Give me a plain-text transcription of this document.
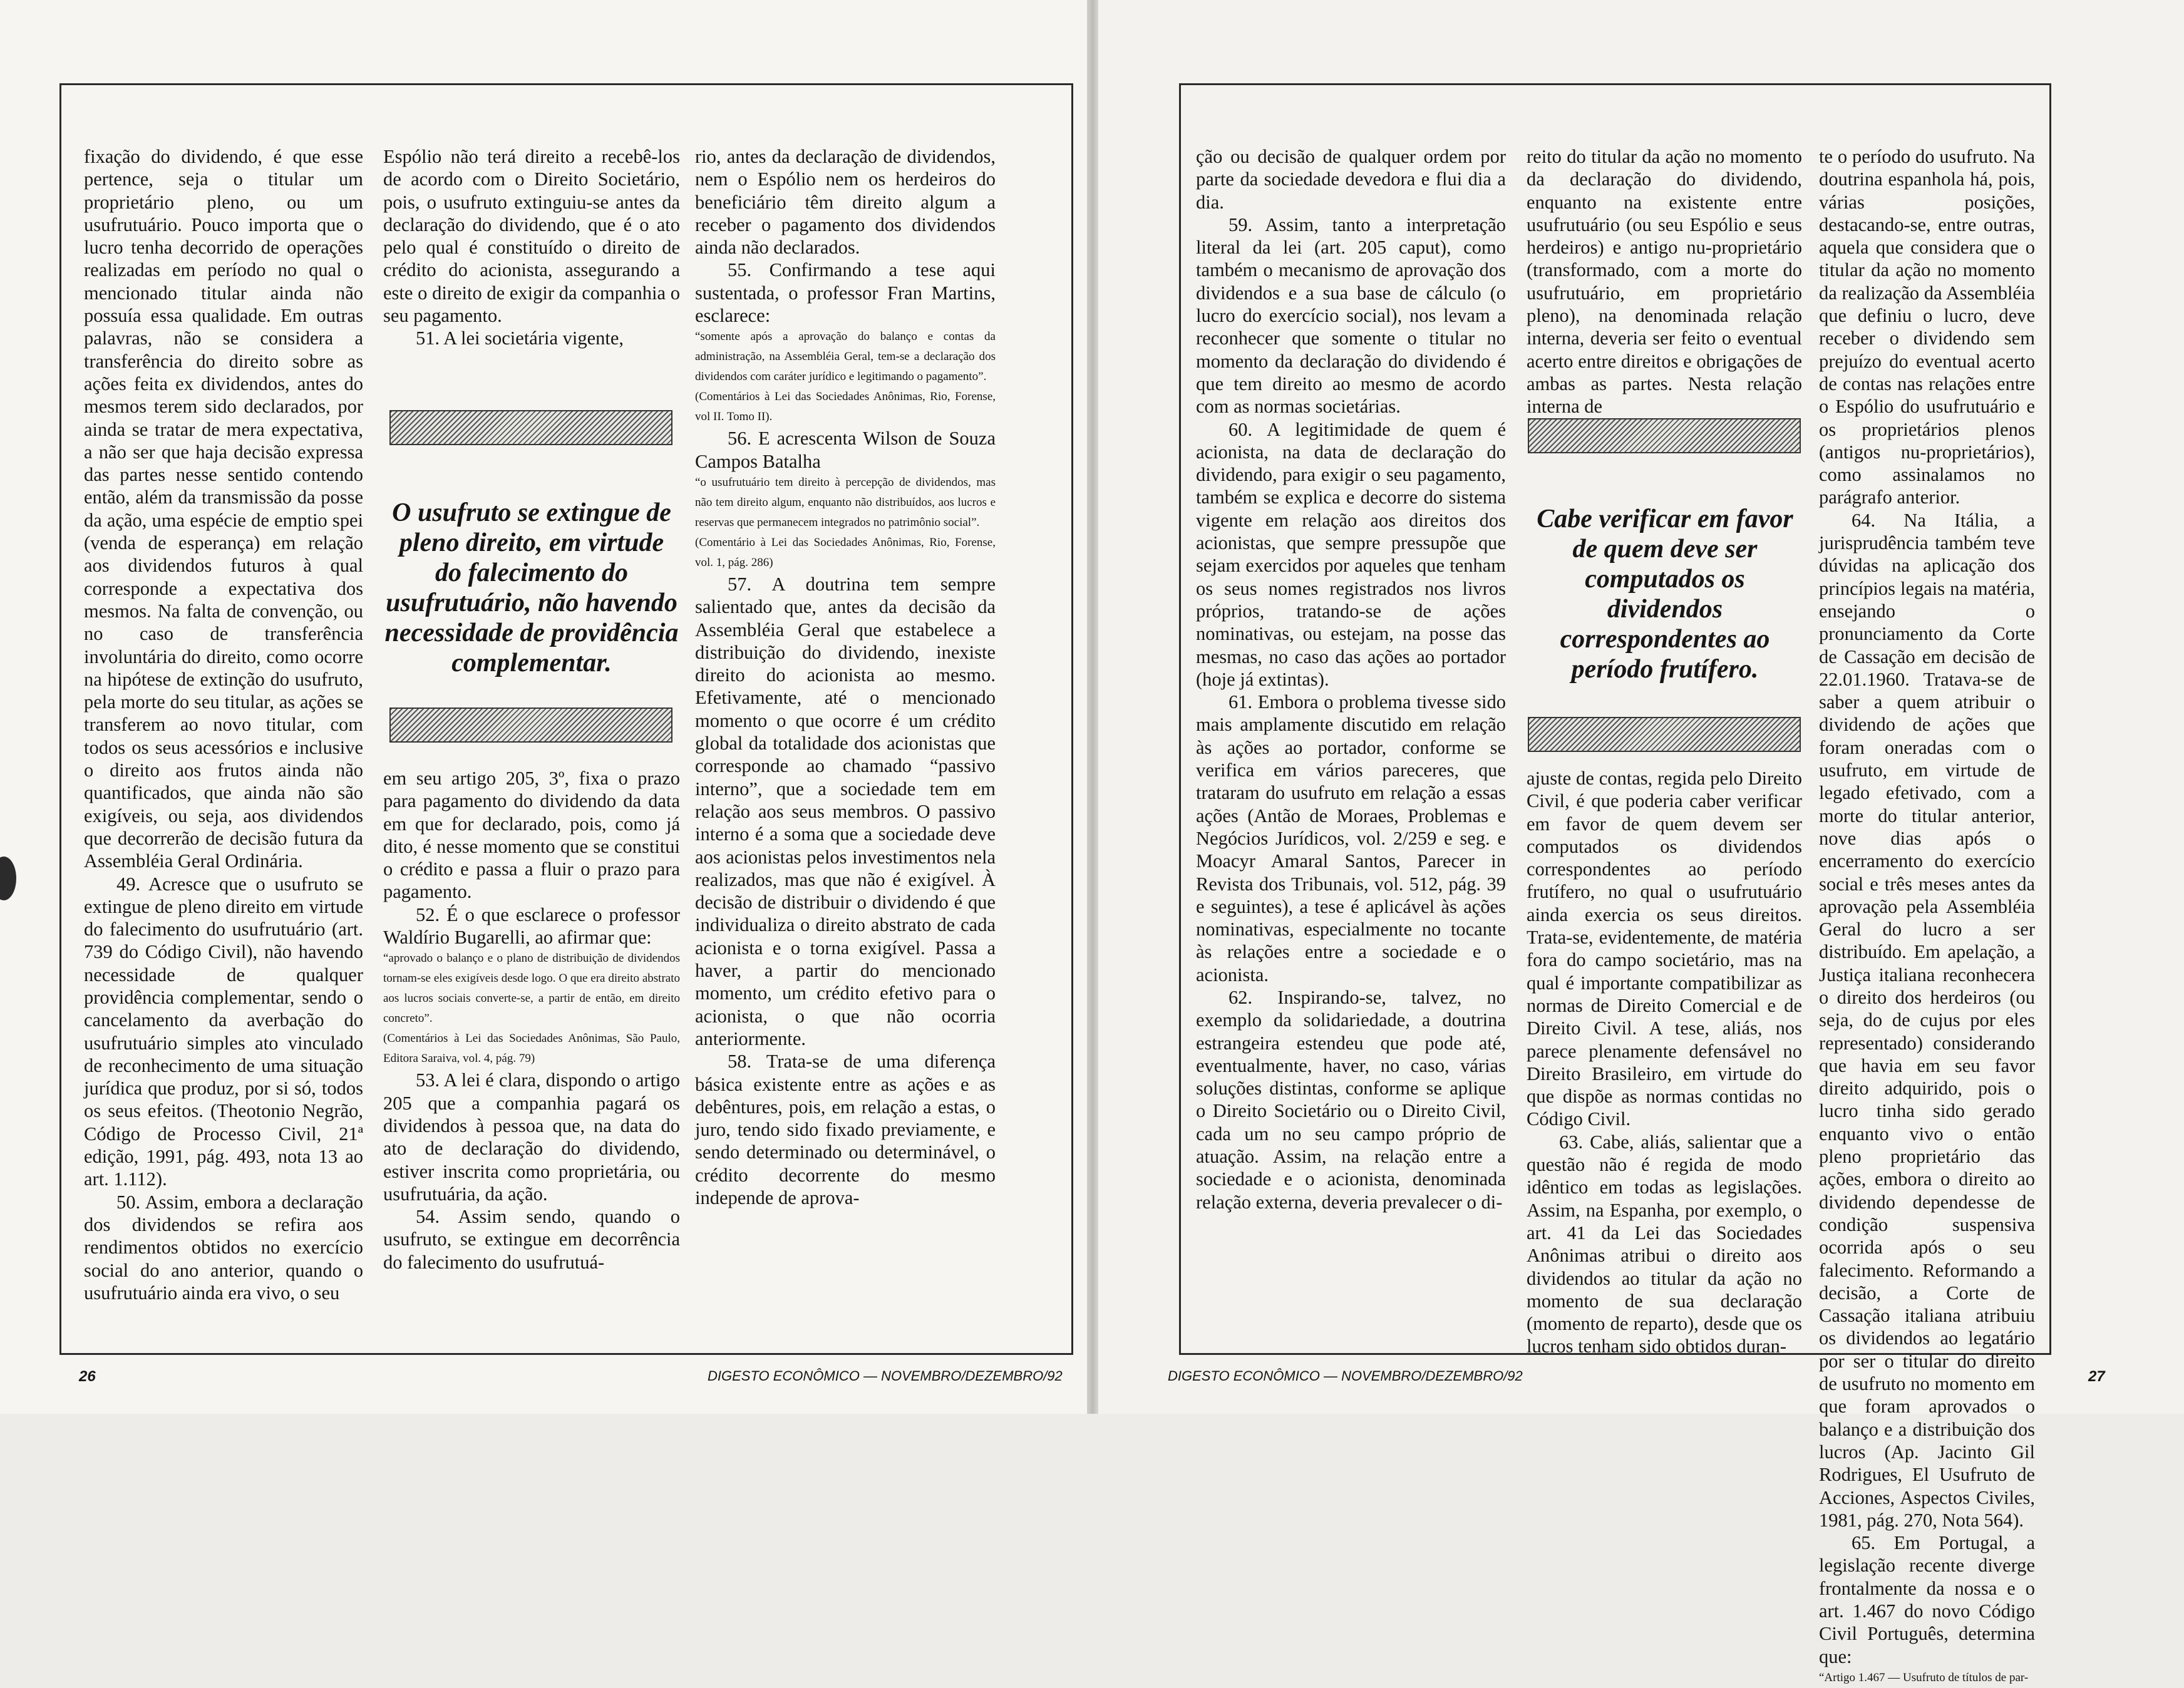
fixação do dividendo, é que esse pertence, seja o titular um proprietário pleno, ou um usufrutuário. Pouco importa que o lucro tenha decorrido de operações realizadas em período no qual o mencionado titular ainda não possuía essa qualidade. Em outras palavras, não se considera a transferência do direito sobre as ações feita ex dividendos, antes do mesmos terem sido declarados, por ainda se tratar de mera expectativa, a não ser que haja decisão expressa das partes nesse sentido contendo então, além da transmissão da posse da ação, uma espécie de emptio spei (venda de esperança) em relação aos dividendos futuros à qual corresponde a expectativa dos mesmos. Na falta de convenção, ou no caso de transferência involuntária do direito, como ocorre na hipótese de extinção do usufruto, pela morte do seu titular, as ações se transferem ao novo titular, com todos os seus acessórios e inclusive o direito aos frutos ainda não quantificados, que ainda não são exigíveis, ou seja, aos dividendos que decorrerão de decisão futura da Assembléia Geral Ordinária.

49. Acresce que o usufruto se extingue de pleno direito em virtude do falecimento do usufrutuário (art. 739 do Código Civil), não havendo necessidade de qualquer providência complementar, sendo o cancelamento da averbação do usufrutuário simples ato vinculado de reconhecimento de uma situação jurídica que produz, por si só, todos os seus efeitos. (Theotonio Negrão, Código de Processo Civil, 21ª edição, 1991, pág. 493, nota 13 ao art. 1.112).

50. Assim, embora a declaração dos dividendos se refira aos rendimentos obtidos no exercício social do ano anterior, quando o usufrutuário ainda era vivo, o seu

Espólio não terá direito a recebê-los de acordo com o Direito Societário, pois, o usufruto extinguiu-se antes da declaração do dividendo, que é o ato pelo qual é constituído o direito de crédito do acionista, assegurando a este o direito de exigir da companhia o seu pagamento.

51. A lei societária vigente,

O usufruto se extingue de pleno direito, em virtude do falecimento do usufrutuário, não havendo necessidade de providência complementar.

em seu artigo 205, 3º, fixa o prazo para pagamento do dividendo da data em que for declarado, pois, como já dito, é nesse momento que se constitui o crédito e passa a fluir o prazo para pagamento.

52. É o que esclarece o professor Waldírio Bugarelli, ao afirmar que:

“aprovado o balanço e o plano de distribuição de dividendos tornam-se eles exigíveis desde logo. O que era direito abstrato aos lucros sociais converte-se, a partir de então, em direito concreto”.

(Comentários à Lei das Sociedades Anônimas, São Paulo, Editora Saraiva, vol. 4, pág. 79)

53. A lei é clara, dispondo o artigo 205 que a companhia pagará os dividendos à pessoa que, na data do ato de declaração do dividendo, estiver inscrita como proprietária, ou usufrutuária, da ação.

54. Assim sendo, quando o usufruto, se extingue em decorrência do falecimento do usufrutuá-

rio, antes da declaração de dividendos, nem o Espólio nem os herdeiros do beneficiário têm direito algum a receber o pagamento dos dividendos ainda não declarados.

55. Confirmando a tese aqui sustentada, o professor Fran Martins, esclarece:

“somente após a aprovação do balanço e contas da administração, na Assembléia Geral, tem-se a declaração dos dividendos com caráter jurídico e legitimando o pagamento”.

(Comentários à Lei das Sociedades Anônimas, Rio, Forense, vol II. Tomo II).

56. E acrescenta Wilson de Souza Campos Batalha

“o usufrutuário tem direito à percepção de dividendos, mas não tem direito algum, enquanto não distribuídos, aos lucros e reservas que permanecem integrados no patrimônio social”.

(Comentário à Lei das Sociedades Anônimas, Rio, Forense, vol. 1, pág. 286)

57. A doutrina tem sempre salientado que, antes da decisão da Assembléia Geral que estabelece a distribuição do dividendo, inexiste direito do acionista ao mesmo. Efetivamente, até o mencionado momento o que ocorre é um crédito global da totalidade dos acionistas que corresponde ao chamado “passivo interno”, que a sociedade tem em relação aos seus membros. O passivo interno é a soma que a sociedade deve aos acionistas pelos investimentos nela realizados, mas que não é exigível. À decisão de distribuir o dividendo é que individualiza o direito abstrato de cada acionista e o torna exigível. Passa a haver, a partir do mencionado momento, um crédito efetivo para o acionista, o que não ocorria anteriormente.

58. Trata-se de uma diferença básica existente entre as ações e as debêntures, pois, em relação a estas, o juro, tendo sido fixado previamente, e sendo determinado ou determinável, o crédito decorrente do mesmo independe de aprova-

26	DIGESTO ECONÔMICO — NOVEMBRO/DEZEMBRO/92

ção ou decisão de qualquer ordem por parte da sociedade devedora e flui dia a dia.

59. Assim, tanto a interpretação literal da lei (art. 205 caput), como também o mecanismo de aprovação dos dividendos e a sua base de cálculo (o lucro do exercício social), nos levam a reconhecer que somente o titular no momento da declaração do dividendo é que tem direito ao mesmo de acordo com as normas societárias.

60. A legitimidade de quem é acionista, na data de declaração do dividendo, para exigir o seu pagamento, também se explica e decorre do sistema vigente em relação aos direitos dos acionistas, que sempre pressupõe que sejam exercidos por aqueles que tenham os seus nomes registrados nos livros próprios, tratando-se de ações nominativas, ou estejam, na posse das mesmas, no caso das ações ao portador (hoje já extintas).

61. Embora o problema tivesse sido mais amplamente discutido em relação às ações ao portador, conforme se verifica em vários pareceres, que trataram do usufruto em relação a essas ações (Antão de Moraes, Problemas e Negócios Jurídicos, vol. 2/259 e seg. e Moacyr Amaral Santos, Parecer in Revista dos Tribunais, vol. 512, pág. 39 e seguintes), a tese é aplicável às ações nominativas, especialmente no tocante às relações entre a sociedade e o acionista.

62. Inspirando-se, talvez, no exemplo da solidariedade, a doutrina estrangeira estendeu que pode até, eventualmente, haver, no caso, várias soluções distintas, conforme se aplique o Direito Societário ou o Direito Civil, cada um no seu campo próprio de atuação. Assim, na relação entre a sociedade e o acionista, denominada relação externa, deveria prevalecer o di-

reito do titular da ação no momento da declaração do dividendo, enquanto na existente entre usufrutuário (ou seu Espólio e seus herdeiros) e antigo nu-proprietário (transformado, com a morte do usufrutuário, em proprietário pleno), na denominada relação interna, deveria ser feito o eventual acerto entre direitos e obrigações de ambas as partes. Nesta relação interna de

Cabe verificar em favor de quem deve ser computados os dividendos correspondentes ao período frutífero.

ajuste de contas, regida pelo Direito Civil, é que poderia caber verificar em favor de quem devem ser computados os dividendos correspondentes ao período frutífero, no qual o usufrutuário ainda exercia os seus direitos. Trata-se, evidentemente, de matéria fora do campo societário, mas na qual é importante compatibilizar as normas de Direito Comercial e de Direito Civil. A tese, aliás, nos parece plenamente defensável no Direito Brasileiro, em virtude do que dispõe as normas contidas no Código Civil.

63. Cabe, aliás, salientar que a questão não é regida de modo idêntico em todas as legislações. Assim, na Espanha, por exemplo, o art. 41 da Lei das Sociedades Anônimas atribui o direito aos dividendos ao titular da ação no momento de sua declaração (momento de reparto), desde que os lucros tenham sido obtidos duran-

te o período do usufruto. Na doutrina espanhola há, pois, várias posições, destacando-se, entre outras, aquela que considera que o titular da ação no momento da realização da Assembléia que definiu o lucro, deve receber o dividendo sem prejuízo do eventual acerto de contas nas relações entre o Espólio do usufrutuário e os proprietários plenos (antigos nu-proprietários), como assinalamos no parágrafo anterior.

64. Na Itália, a jurisprudência também teve dúvidas na aplicação dos princípios legais na matéria, ensejando o pronunciamento da Corte de Cassação em decisão de 22.01.1960. Tratava-se de saber a quem atribuir o dividendo de ações que foram oneradas com o usufruto, em virtude de legado efetivado, com a morte do titular anterior, nove dias após o encerramento do exercício social e três meses antes da aprovação pela Assembléia Geral do lucro a ser distribuído. Em apelação, a Justiça italiana reconhecera o direito dos herdeiros (ou seja, do de cujus por eles representado) considerando que havia em seu favor direito adquirido, pois o lucro tinha sido gerado enquanto vivo o então pleno proprietário das ações, embora o direito ao dividendo dependesse de condição suspensiva ocorrida após o seu falecimento. Reformando a decisão, a Corte de Cassação italiana atribuiu os dividendos ao legatário por ser o titular do direito de usufruto no momento em que foram aprovados o balanço e a distribuição dos lucros (Ap. Jacinto Gil Rodrigues, El Usufruto de Acciones, Aspectos Civiles, 1981, pág. 270, Nota 564).

65. Em Portugal, a legislação recente diverge frontalmente da nossa e o art. 1.467 do novo Código Civil Português, determina que:

“Artigo 1.467 — Usufruto de títulos de par-

DIGESTO ECONÔMICO — NOVEMBRO/DEZEMBRO/92	27
